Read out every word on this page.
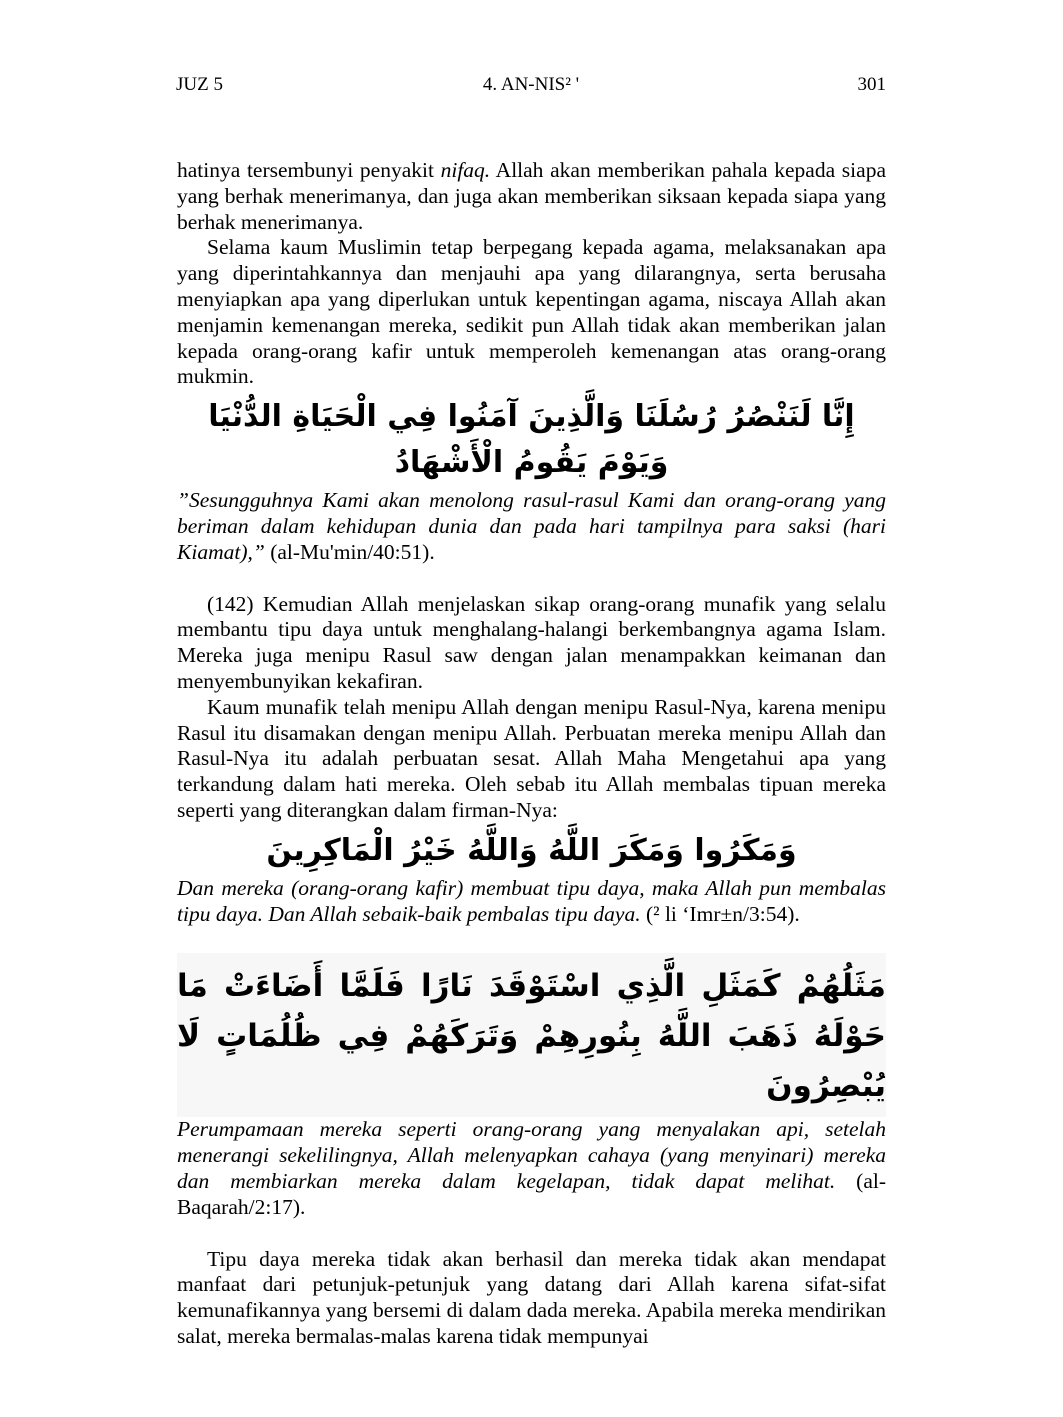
JUZ 5	4. AN-NIS² '	301

hatinya tersembunyi penyakit nifaq. Allah akan memberikan pahala kepada siapa yang berhak menerimanya, dan juga akan memberikan siksaan kepada siapa yang berhak menerimanya.

Selama kaum Muslimin tetap berpegang kepada agama, melaksanakan apa yang diperintahkannya dan menjauhi apa yang dilarangnya, serta berusaha menyiapkan apa yang diperlukan untuk kepentingan agama, niscaya Allah akan menjamin kemenangan mereka, sedikit pun Allah tidak akan memberikan jalan kepada orang-orang kafir untuk memperoleh kemenangan atas orang-orang mukmin.

إِنَّا لَنَنْصُرُ رُسُلَنَا وَالَّذِينَ آمَنُوا فِي الْحَيَاةِ الدُّنْيَا وَيَوْمَ يَقُومُ الْأَشْهَادُ

”Sesungguhnya Kami akan menolong rasul-rasul Kami dan orang-orang yang beriman dalam kehidupan dunia dan pada hari tampilnya para saksi (hari Kiamat),” (al-Mu'min/40:51).

(142) Kemudian Allah menjelaskan sikap orang-orang munafik yang selalu membantu tipu daya untuk menghalang-halangi berkembangnya agama Islam. Mereka juga menipu Rasul saw dengan jalan menampakkan keimanan dan menyembunyikan kekafiran.

Kaum munafik telah menipu Allah dengan menipu Rasul-Nya, karena menipu Rasul itu disamakan dengan menipu Allah. Perbuatan mereka menipu Allah dan Rasul-Nya itu adalah perbuatan sesat. Allah Maha Mengetahui apa yang terkandung dalam hati mereka. Oleh sebab itu Allah membalas tipuan mereka seperti yang diterangkan dalam firman-Nya:

وَمَكَرُوا وَمَكَرَ اللَّهُ وَاللَّهُ خَيْرُ الْمَاكِرِينَ

Dan mereka (orang-orang kafir) membuat tipu daya, maka Allah pun membalas tipu daya. Dan Allah sebaik-baik pembalas tipu daya. (² li ‘Imr±n/3:54).

مَثَلُهُمْ كَمَثَلِ الَّذِي اسْتَوْقَدَ نَارًا فَلَمَّا أَضَاءَتْ مَا حَوْلَهُ ذَهَبَ اللَّهُ بِنُورِهِمْ وَتَرَكَهُمْ فِي ظُلُمَاتٍ لَا يُبْصِرُونَ

Perumpamaan mereka seperti orang-orang yang menyalakan api, setelah menerangi sekelilingnya, Allah melenyapkan cahaya (yang menyinari) mereka dan membiarkan mereka dalam kegelapan, tidak dapat melihat. (al-Baqarah/2:17).

Tipu daya mereka tidak akan berhasil dan mereka tidak akan mendapat manfaat dari petunjuk-petunjuk yang datang dari Allah karena sifat-sifat kemunafikannya yang bersemi di dalam dada mereka. Apabila mereka mendirikan salat, mereka bermalas-malas karena tidak mempunyai
